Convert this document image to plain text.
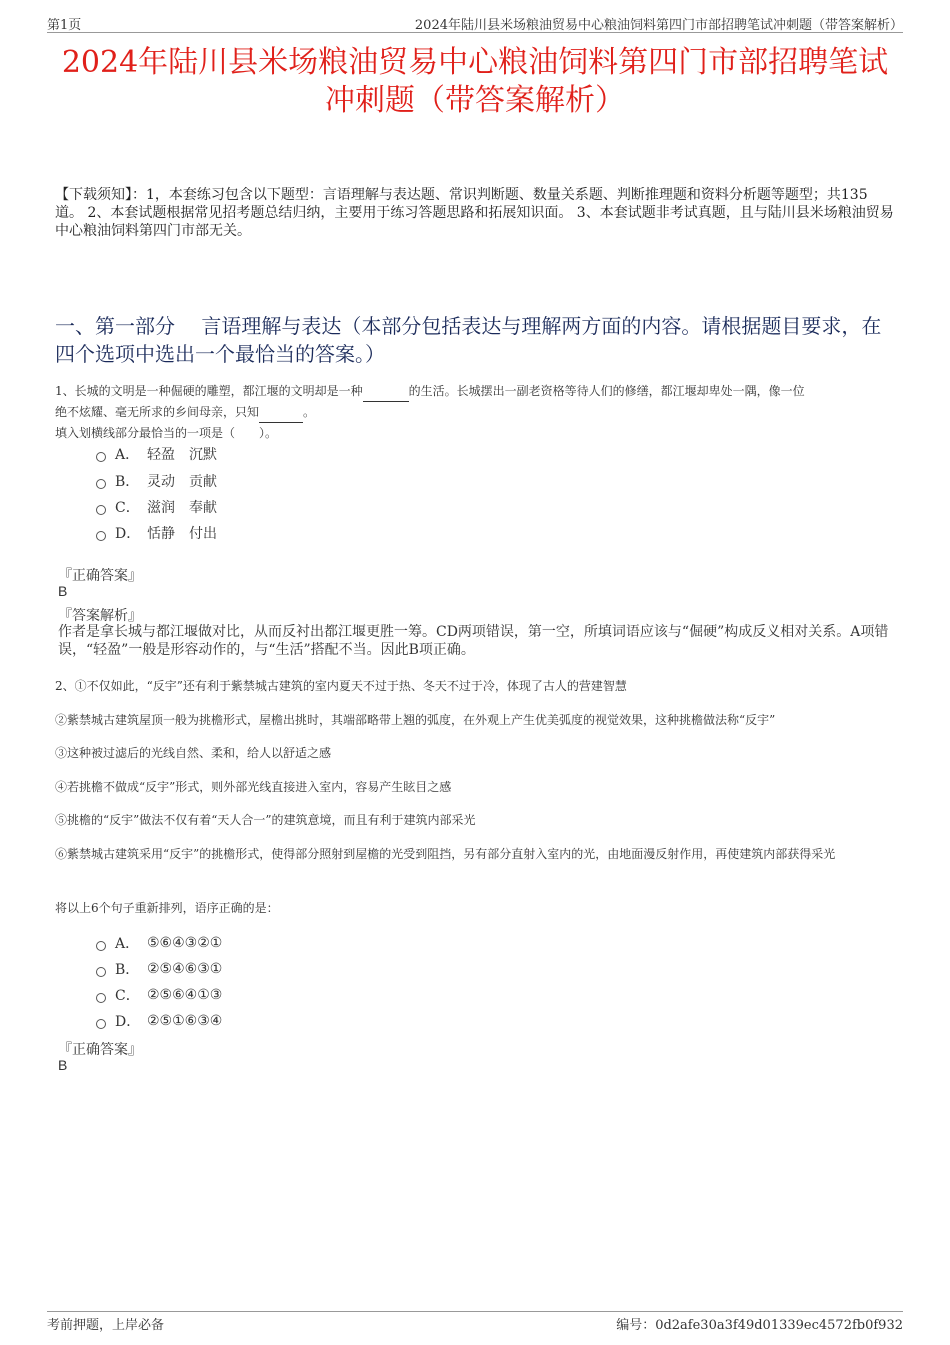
第1页	2024年陆川县米场粮油贸易中心粮油饲料第四门市部招聘笔试冲刺题（带答案解析）
2024年陆川县米场粮油贸易中心粮油饲料第四门市部招聘笔试
冲刺题（带答案解析）
【下载须知】：1，本套练习包含以下题型：言语理解与表达题、常识判断题、数量关系题、判断推理题和资料分析题等题型；共135道。 2、本套试题根据常见招考题总结归纳，主要用于练习答题思路和拓展知识面。 3、本套试题非考试真题，且与陆川县米场粮油贸易中心粮油饲料第四门市部无关。
一、第一部分　 言语理解与表达（本部分包括表达与理解两方面的内容。请根据题目要求，在四个选项中选出一个最恰当的答案。）
1、长城的文明是一种倔硬的雕塑，都江堰的文明却是一种	的生活。长城摆出一副老资格等待人们的修缮，都江堰却卑处一隅，像一位
绝不炫耀、毫无所求的乡间母亲，只知	。
填入划横线部分最恰当的一项是（　　）。
A． 轻盈　沉默
B． 灵动　贡献
C． 滋润　奉献
D． 恬静　付出
『正确答案』
B
『答案解析』
作者是拿长城与都江堰做对比，从而反衬出都江堰更胜一筹。CD两项错误，第一空，所填词语应该与“倔硬”构成反义相对关系。A项错误，“轻盈”一般是形容动作的，与“生活”搭配不当。因此B项正确。
2、①不仅如此，“反宇”还有利于紫禁城古建筑的室内夏天不过于热、冬天不过于冷，体现了古人的营建智慧
②紫禁城古建筑屋顶一般为挑檐形式，屋檐出挑时，其端部略带上翘的弧度，在外观上产生优美弧度的视觉效果，这种挑檐做法称“反宇”
③这种被过滤后的光线自然、柔和，给人以舒适之感
④若挑檐不做成“反宇”形式，则外部光线直接进入室内，容易产生眩目之感
⑤挑檐的“反宇”做法不仅有着“天人合一”的建筑意境，而且有利于建筑内部采光
⑥紫禁城古建筑采用“反宇”的挑檐形式，使得部分照射到屋檐的光受到阻挡，另有部分直射入室内的光，由地面漫反射作用，再使建筑内部获得采光
将以上6个句子重新排列，语序正确的是：
A． ⑤⑥④③②①
B． ②⑤④⑥③①
C． ②⑤⑥④①③
D． ②⑤①⑥③④
『正确答案』
B
考前押题，上岸必备	编号：0d2afe30a3f49d01339ec4572fb0f932
